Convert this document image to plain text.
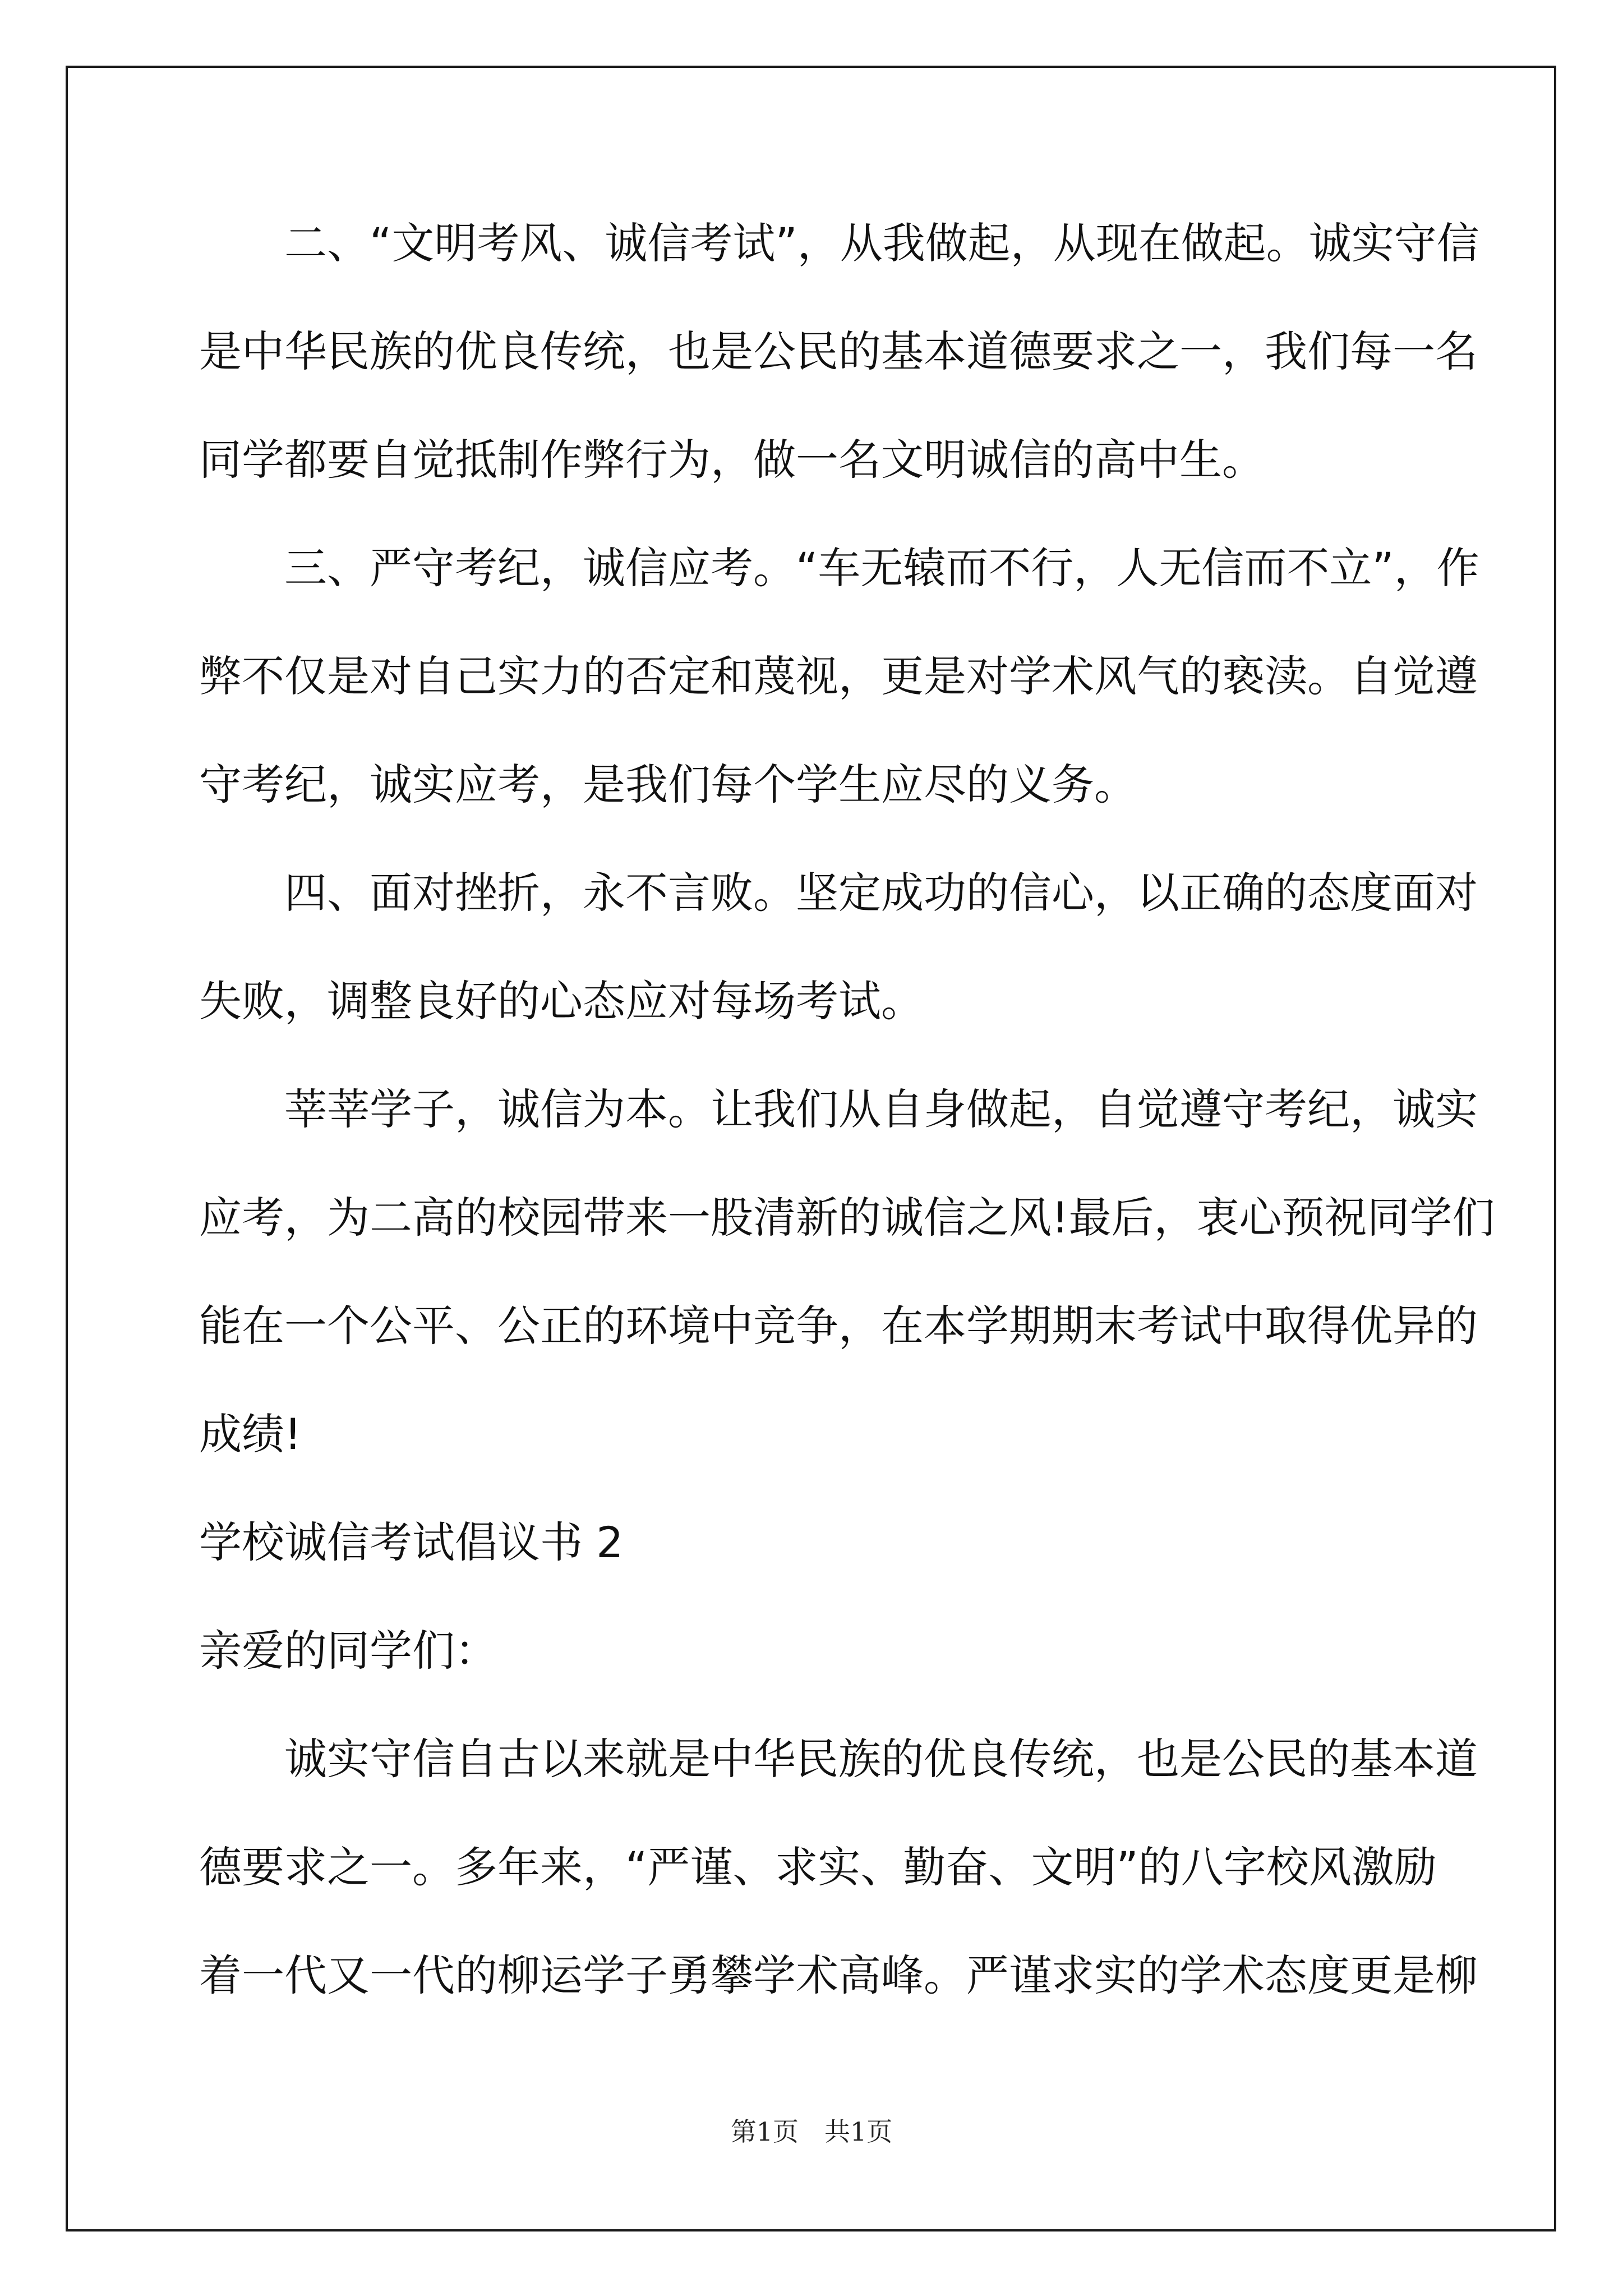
　　二、“文明考风、诚信考试”，从我做起，从现在做起。诚实守信
是中华民族的优良传统，也是公民的基本道德要求之一，我们每一名
同学都要自觉抵制作弊行为，做一名文明诚信的高中生。
　　三、严守考纪，诚信应考。“车无辕而不行，人无信而不立”，作
弊不仅是对自己实力的否定和蔑视，更是对学术风气的亵渎。自觉遵
守考纪，诚实应考，是我们每个学生应尽的义务。
　　四、面对挫折，永不言败。坚定成功的信心，以正确的态度面对
失败，调整良好的心态应对每场考试。
　　莘莘学子，诚信为本。让我们从自身做起，自觉遵守考纪，诚实
应考，为二高的校园带来一股清新的诚信之风!最后，衷心预祝同学们
能在一个公平、公正的环境中竞争，在本学期期末考试中取得优异的
成绩!
学校诚信考试倡议书 2
亲爱的同学们：
　　诚实守信自古以来就是中华民族的优良传统，也是公民的基本道
德要求之一。多年来，“严谨、求实、勤奋、文明”的八字校风激励
着一代又一代的柳运学子勇攀学术高峰。严谨求实的学术态度更是柳
第1页　共1页
